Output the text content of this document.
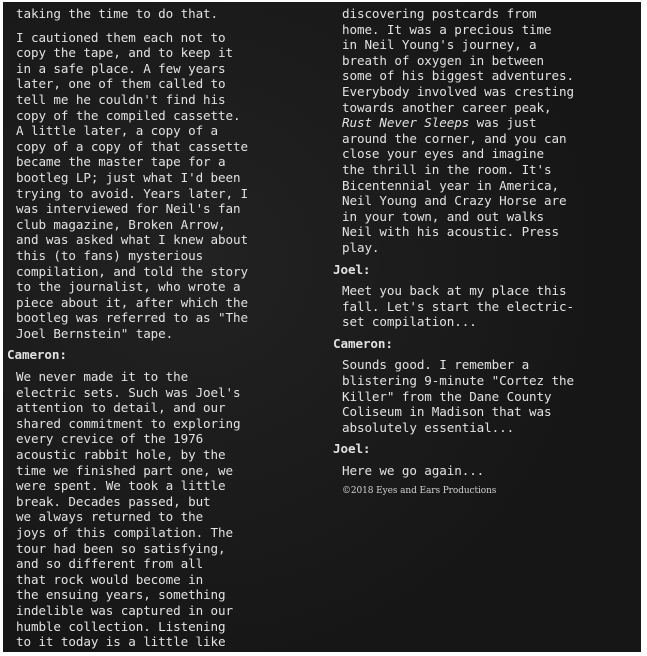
taking the time to do that.

I cautioned them each not to
copy the tape, and to keep it
in a safe place. A few years
later, one of them called to
tell me he couldn't find his
copy of the compiled cassette.
A little later, a copy of a
copy of a copy of that cassette
became the master tape for a
bootleg LP; just what I'd been
trying to avoid. Years later, I
was interviewed for Neil's fan
club magazine, Broken Arrow,
and was asked what I knew about
this (to fans) mysterious
compilation, and told the story
to the journalist, who wrote a
piece about it, after which the
bootleg was referred to as "The
Joel Bernstein" tape.

Cameron:

We never made it to the
electric sets. Such was Joel's
attention to detail, and our
shared commitment to exploring
every crevice of the 1976
acoustic rabbit hole, by the
time we finished part one, we
were spent. We took a little
break. Decades passed, but
we always returned to the
joys of this compilation. The
tour had been so satisfying,
and so different from all
that rock would become in
the ensuing years, something
indelible was captured in our
humble collection. Listening
to it today is a little like

discovering postcards from
home. It was a precious time
in Neil Young's journey, a
breath of oxygen in between
some of his biggest adventures.
Everybody involved was cresting
towards another career peak,
Rust Never Sleeps was just
around the corner, and you can
close your eyes and imagine
the thrill in the room. It's
Bicentennial year in America,
Neil Young and Crazy Horse are
in your town, and out walks
Neil with his acoustic. Press
play.

Joel:

Meet you back at my place this
fall. Let's start the electric-
set compilation...

Cameron:

Sounds good. I remember a
blistering 9-minute "Cortez the
Killer" from the Dane County
Coliseum in Madison that was
absolutely essential...

Joel:

Here we go again...

©2018 Eyes and Ears Productions
